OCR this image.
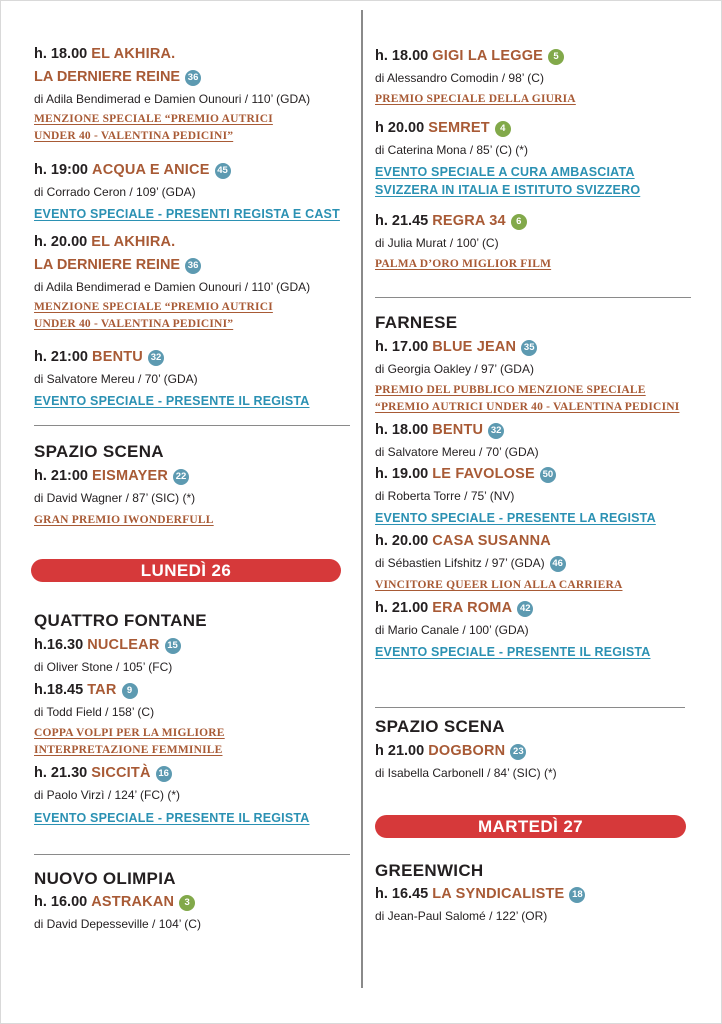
h. 18.00 EL AKHIRA.
LA DERNIERE REINE 36
di Adila Bendimerad e Damien Ounouri / 110’ (GDA)
MENZIONE SPECIALE “PREMIO AUTRICI
UNDER 40 - VALENTINA PEDICINI”
h. 19:00 ACQUA E ANICE 45
di Corrado Ceron / 109’ (GDA)
EVENTO SPECIALE - PRESENTI REGISTA E CAST
h. 20.00 EL AKHIRA.
LA DERNIERE REINE 36
di Adila Bendimerad e Damien Ounouri / 110’ (GDA)
MENZIONE SPECIALE “PREMIO AUTRICI
UNDER 40 - VALENTINA PEDICINI”
h. 21:00 BENTU 32
di Salvatore Mereu / 70’ (GDA)
EVENTO SPECIALE - PRESENTE IL REGISTA
SPAZIO SCENA
h. 21:00 EISMAYER 22
di David Wagner / 87’ (SIC) (*)
GRAN PREMIO IWONDERFULL
LUNEDÌ 26
QUATTRO FONTANE
h.16.30 NUCLEAR 15
di Oliver Stone / 105’ (FC)
h.18.45 TAR 9
di Todd Field / 158’ (C)
COPPA VOLPI PER LA MIGLIORE
INTERPRETAZIONE FEMMINILE
h. 21.30 SICCITÀ 16
di Paolo Virzì / 124’ (FC) (*)
EVENTO SPECIALE - PRESENTE IL REGISTA
NUOVO OLIMPIA
h. 16.00 ASTRAKAN 3
di David Depesseville / 104’ (C)
h. 18.00 GIGI LA LEGGE 5
di Alessandro Comodin / 98’ (C)
PREMIO SPECIALE DELLA GIURIA
h 20.00 SEMRET 4
di Caterina Mona / 85’ (C) (*)
EVENTO SPECIALE A CURA AMBASCIATA
SVIZZERA IN ITALIA E ISTITUTO SVIZZERO
h. 21.45 REGRA 34 6
di Julia Murat / 100’ (C)
PALMA D’ORO MIGLIOR FILM
FARNESE
h. 17.00 BLUE JEAN 35
di Georgia Oakley / 97’ (GDA)
PREMIO DEL PUBBLICO MENZIONE SPECIALE
“PREMIO AUTRICI UNDER 40 - VALENTINA PEDICINI
h. 18.00 BENTU 32
di Salvatore Mereu / 70’ (GDA)
h. 19.00 LE FAVOLOSE 50
di Roberta Torre / 75’ (NV)
EVENTO SPECIALE - PRESENTE LA REGISTA
h. 20.00 CASA SUSANNA
di Sébastien Lifshitz / 97’ (GDA) 46
VINCITORE QUEER LION ALLA CARRIERA
h. 21.00 ERA ROMA 42
di Mario Canale / 100’ (GDA)
EVENTO SPECIALE - PRESENTE IL REGISTA
SPAZIO SCENA
h 21.00 DOGBORN 23
di Isabella Carbonell / 84’ (SIC) (*)
MARTEDÌ 27
GREENWICH
h. 16.45 LA SYNDICALISTE 18
di Jean-Paul Salomé / 122’ (OR)
